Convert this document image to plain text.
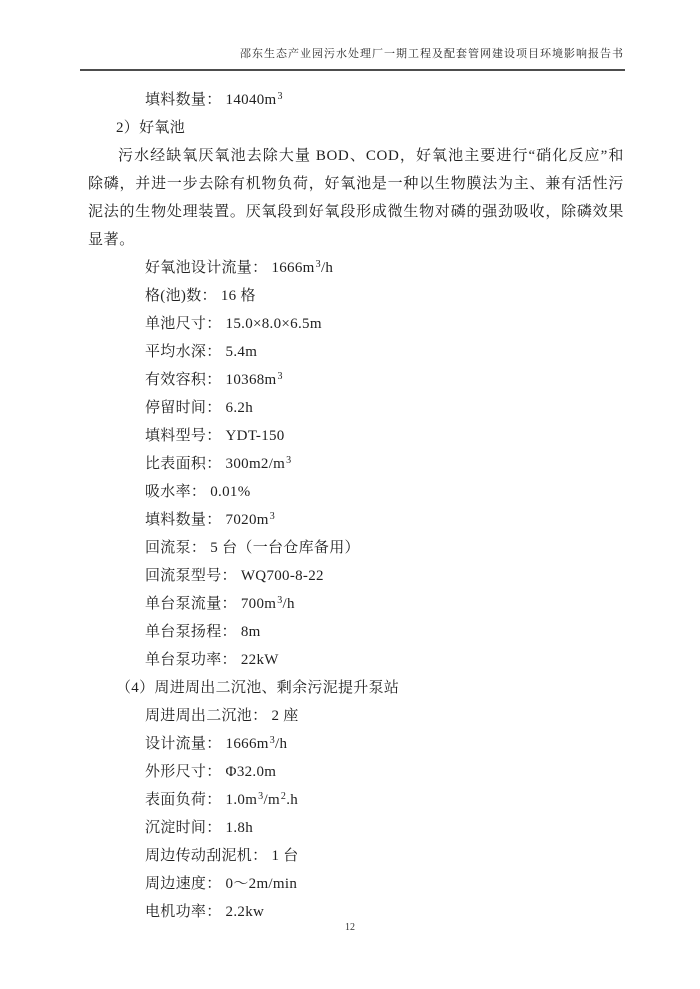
邵东生态产业园污水处理厂一期工程及配套管网建设项目环境影响报告书
填料数量： $14040m^3$
2）好氧池
污水经缺氧厌氧池去除大量 BOD、COD，好氧池主要进行“硝化反应”和除磷，并进一步去除有机物负荷，好氧池是一种以生物膜法为主、兼有活性污泥法的生物处理装置。厌氧段到好氧段形成微生物对磷的强劲吸收，除磷效果显著。
好氧池设计流量： $1666m^3/h$
格(池)数： 16 格
单池尺寸： 15.0×8.0×6.5m
平均水深： 5.4m
有效容积： $10368m^3$
停留时间： 6.2h
填料型号： YDT-150
比表面积： $300m2/m^3$
吸水率： 0.01%
填料数量： $7020m^3$
回流泵： 5 台（一台仓库备用）
回流泵型号： WQ700-8-22
单台泵流量： $700m^3/h$
单台泵扬程： 8m
单台泵功率： 22kW
（4）周进周出二沉池、剩余污泥提升泵站
周进周出二沉池： 2 座
设计流量： $1666m^3/h$
外形尺寸： Φ32.0m
表面负荷： $1.0m^3/m^2.h$
沉淀时间： 1.8h
周边传动刮泥机： 1 台
周边速度： 0～2m/min
电机功率： 2.2kw
12
